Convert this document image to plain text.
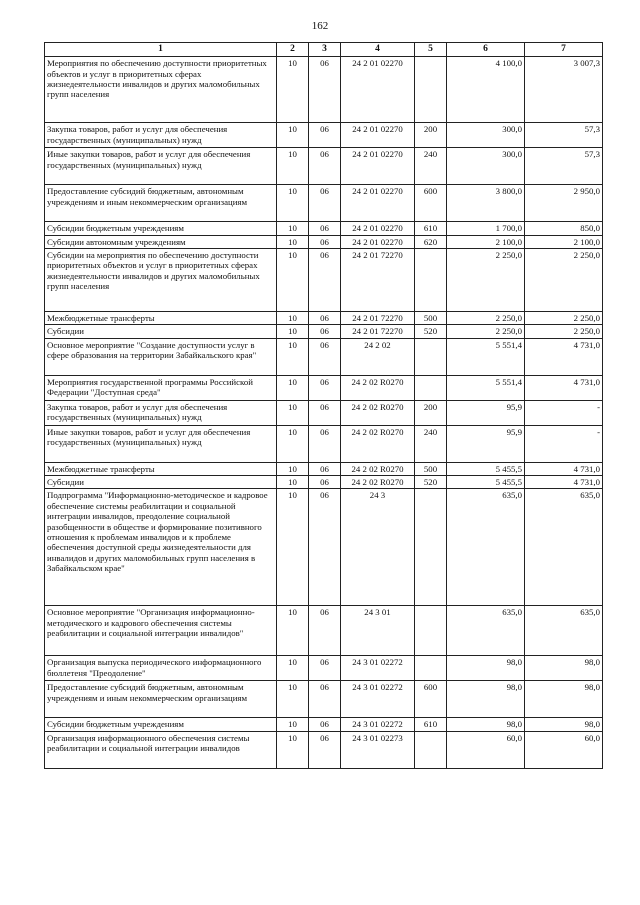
162
1	2	3	4	5	6	7
Мероприятия по обеспечению доступности приоритетных объектов и услуг в приоритетных сферах жизнедеятельности инвалидов и других маломобильных групп населения	10	06	24 2 01 02270		4 100,0	3 007,3
Закупка товаров, работ и услуг для обеспечения государственных (муниципальных) нужд	10	06	24 2 01 02270	200	300,0	57,3
Иные закупки товаров, работ и услуг для обеспечения государственных (муниципальных) нужд	10	06	24 2 01 02270	240	300,0	57,3
Предоставление субсидий бюджетным, автономным учреждениям и иным некоммерческим организациям	10	06	24 2 01 02270	600	3 800,0	2 950,0
Субсидии бюджетным учреждениям	10	06	24 2 01 02270	610	1 700,0	850,0
Субсидии автономным учреждениям	10	06	24 2 01 02270	620	2 100,0	2 100,0
Субсидии на мероприятия по обеспечению доступности приоритетных объектов и услуг в приоритетных сферах жизнедеятельности инвалидов и других маломобильных групп населения	10	06	24 2 01 72270		2 250,0	2 250,0
Межбюджетные трансферты	10	06	24 2 01 72270	500	2 250,0	2 250,0
Субсидии	10	06	24 2 01 72270	520	2 250,0	2 250,0
Основное мероприятие "Создание доступности услуг в сфере образования на территории Забайкальского края"	10	06	24 2 02		5 551,4	4 731,0
Мероприятия государственной программы Российской Федерации "Доступная среда"	10	06	24 2 02 R0270		5 551,4	4 731,0
Закупка товаров, работ и услуг для обеспечения государственных (муниципальных) нужд	10	06	24 2 02 R0270	200	95,9	-
Иные закупки товаров, работ и услуг для обеспечения государственных (муниципальных) нужд	10	06	24 2 02 R0270	240	95,9	-
Межбюджетные трансферты	10	06	24 2 02 R0270	500	5 455,5	4 731,0
Субсидии	10	06	24 2 02 R0270	520	5 455,5	4 731,0
Подпрограмма "Информационно-методическое и кадровое обеспечение системы реабилитации и социальной интеграции инвалидов, преодоление социальной разобщенности в обществе и формирование позитивного отношения к проблемам инвалидов и к проблеме обеспечения доступной среды жизнедеятельности для инвалидов и других маломобильных групп населения в Забайкальском крае"	10	06	24 3		635,0	635,0
Основное мероприятие "Организация информационно-методического и кадрового обеспечения системы реабилитации и социальной интеграции инвалидов"	10	06	24 3 01		635,0	635,0
Организация выпуска периодического информационного бюллетеня "Преодоление"	10	06	24 3 01 02272		98,0	98,0
Предоставление субсидий бюджетным, автономным учреждениям и иным некоммерческим организациям	10	06	24 3 01 02272	600	98,0	98,0
Субсидии бюджетным учреждениям	10	06	24 3 01 02272	610	98,0	98,0
Организация информационного обеспечения системы реабилитации и социальной интеграции инвалидов	10	06	24 3 01 02273		60,0	60,0
